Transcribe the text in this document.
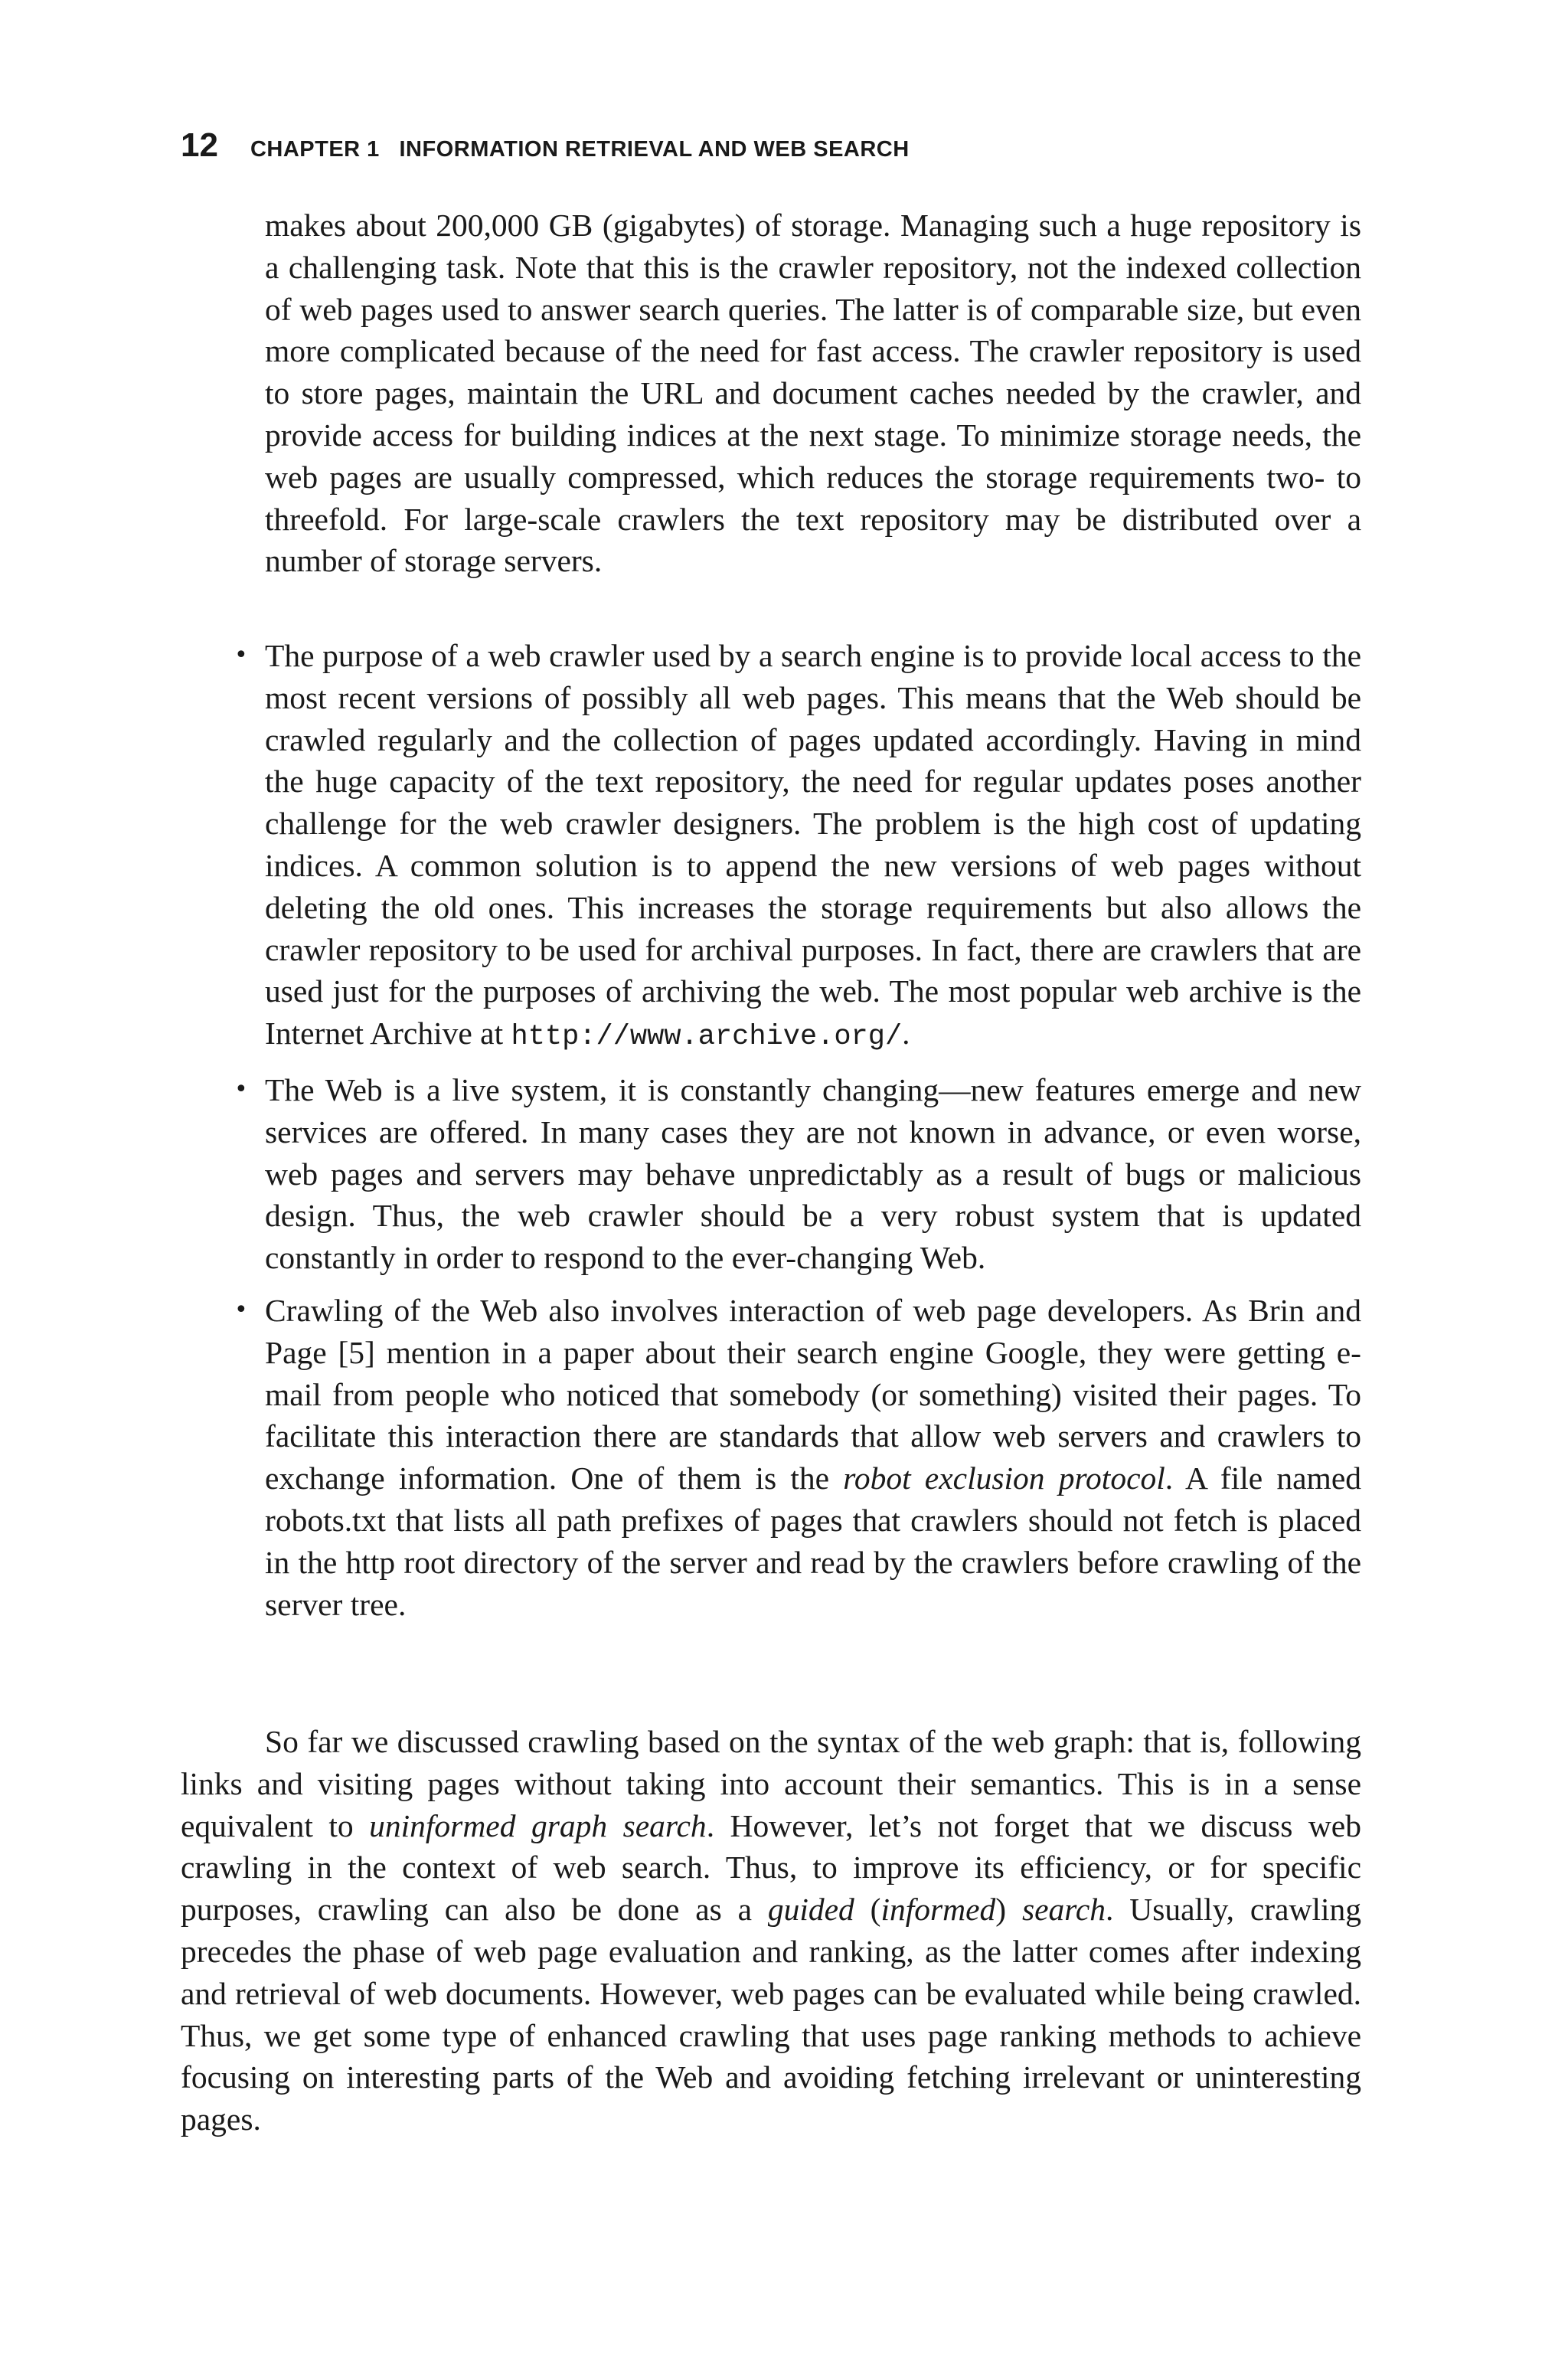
12 CHAPTER 1   INFORMATION RETRIEVAL AND WEB SEARCH

makes about 200,000 GB (gigabytes) of storage. Managing such a huge repository is a challenging task. Note that this is the crawler repository, not the indexed collection of web pages used to answer search queries. The latter is of comparable size, but even more complicated because of the need for fast access. The crawler repository is used to store pages, maintain the URL and document caches needed by the crawler, and provide access for building indices at the next stage. To minimize storage needs, the web pages are usually compressed, which reduces the storage requirements two- to threefold. For large-scale crawlers the text repository may be distributed over a number of storage servers.

• The purpose of a web crawler used by a search engine is to provide local access to the most recent versions of possibly all web pages. This means that the Web should be crawled regularly and the collection of pages updated accordingly. Having in mind the huge capacity of the text repository, the need for regular updates poses another challenge for the web crawler designers. The problem is the high cost of updating indices. A common solution is to append the new versions of web pages without deleting the old ones. This increases the storage requirements but also allows the crawler repository to be used for archival purposes. In fact, there are crawlers that are used just for the purposes of archiving the web. The most popular web archive is the Internet Archive at http://www.archive.org/.

• The Web is a live system, it is constantly changing—new features emerge and new services are offered. In many cases they are not known in advance, or even worse, web pages and servers may behave unpredictably as a result of bugs or malicious design. Thus, the web crawler should be a very robust system that is updated constantly in order to respond to the ever-changing Web.

• Crawling of the Web also involves interaction of web page developers. As Brin and Page [5] mention in a paper about their search engine Google, they were getting e-mail from people who noticed that somebody (or something) visited their pages. To facilitate this interaction there are standards that allow web servers and crawlers to exchange information. One of them is the robot exclusion protocol. A file named robots.txt that lists all path prefixes of pages that crawlers should not fetch is placed in the http root directory of the server and read by the crawlers before crawling of the server tree.

So far we discussed crawling based on the syntax of the web graph: that is, following links and visiting pages without taking into account their semantics. This is in a sense equivalent to uninformed graph search. However, let’s not forget that we discuss web crawling in the context of web search. Thus, to improve its efficiency, or for specific purposes, crawling can also be done as a guided (informed) search. Usually, crawling precedes the phase of web page evaluation and ranking, as the latter comes after indexing and retrieval of web documents. However, web pages can be evaluated while being crawled. Thus, we get some type of enhanced crawling that uses page ranking methods to achieve focusing on interesting parts of the Web and avoiding fetching irrelevant or uninteresting pages.
